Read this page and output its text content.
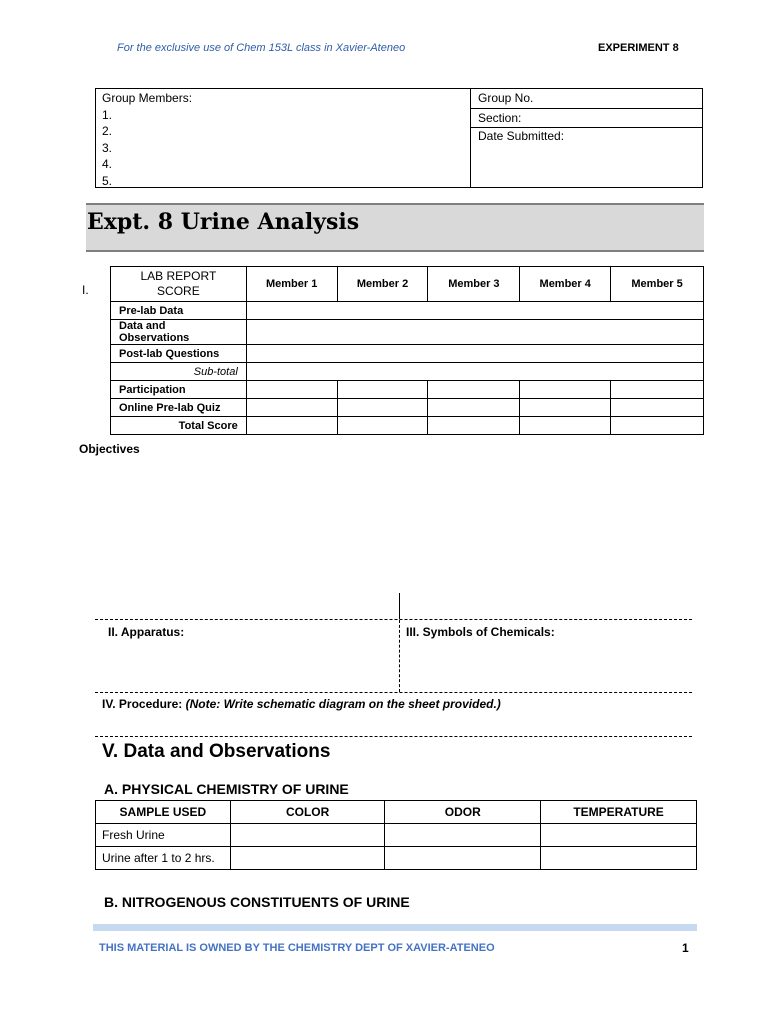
For the exclusive use of Chem 153L class in Xavier-Ateneo	EXPERIMENT 8
Group Members:
1.
2.
3.
4.
5.
Group No.
Section:
Date Submitted:
Expt. 8 Urine Analysis
I.
LAB REPORT
SCORE	Member 1	Member 2	Member 3	Member 4	Member 5
Pre-lab Data					
Data and Observations					
Post-lab Questions					
Sub-total					
Participation					
Online Pre-lab Quiz					
Total Score					
Objectives
II. Apparatus:	III. Symbols of Chemicals:
IV. Procedure: (Note: Write schematic diagram on the sheet provided.)
V. Data and Observations
A. PHYSICAL CHEMISTRY OF URINE
SAMPLE USED	COLOR	ODOR	TEMPERATURE
Fresh Urine			
Urine after 1 to 2 hrs.			
B. NITROGENOUS CONSTITUENTS OF URINE
THIS MATERIAL IS OWNED BY THE CHEMISTRY DEPT OF XAVIER-ATENEO	1
